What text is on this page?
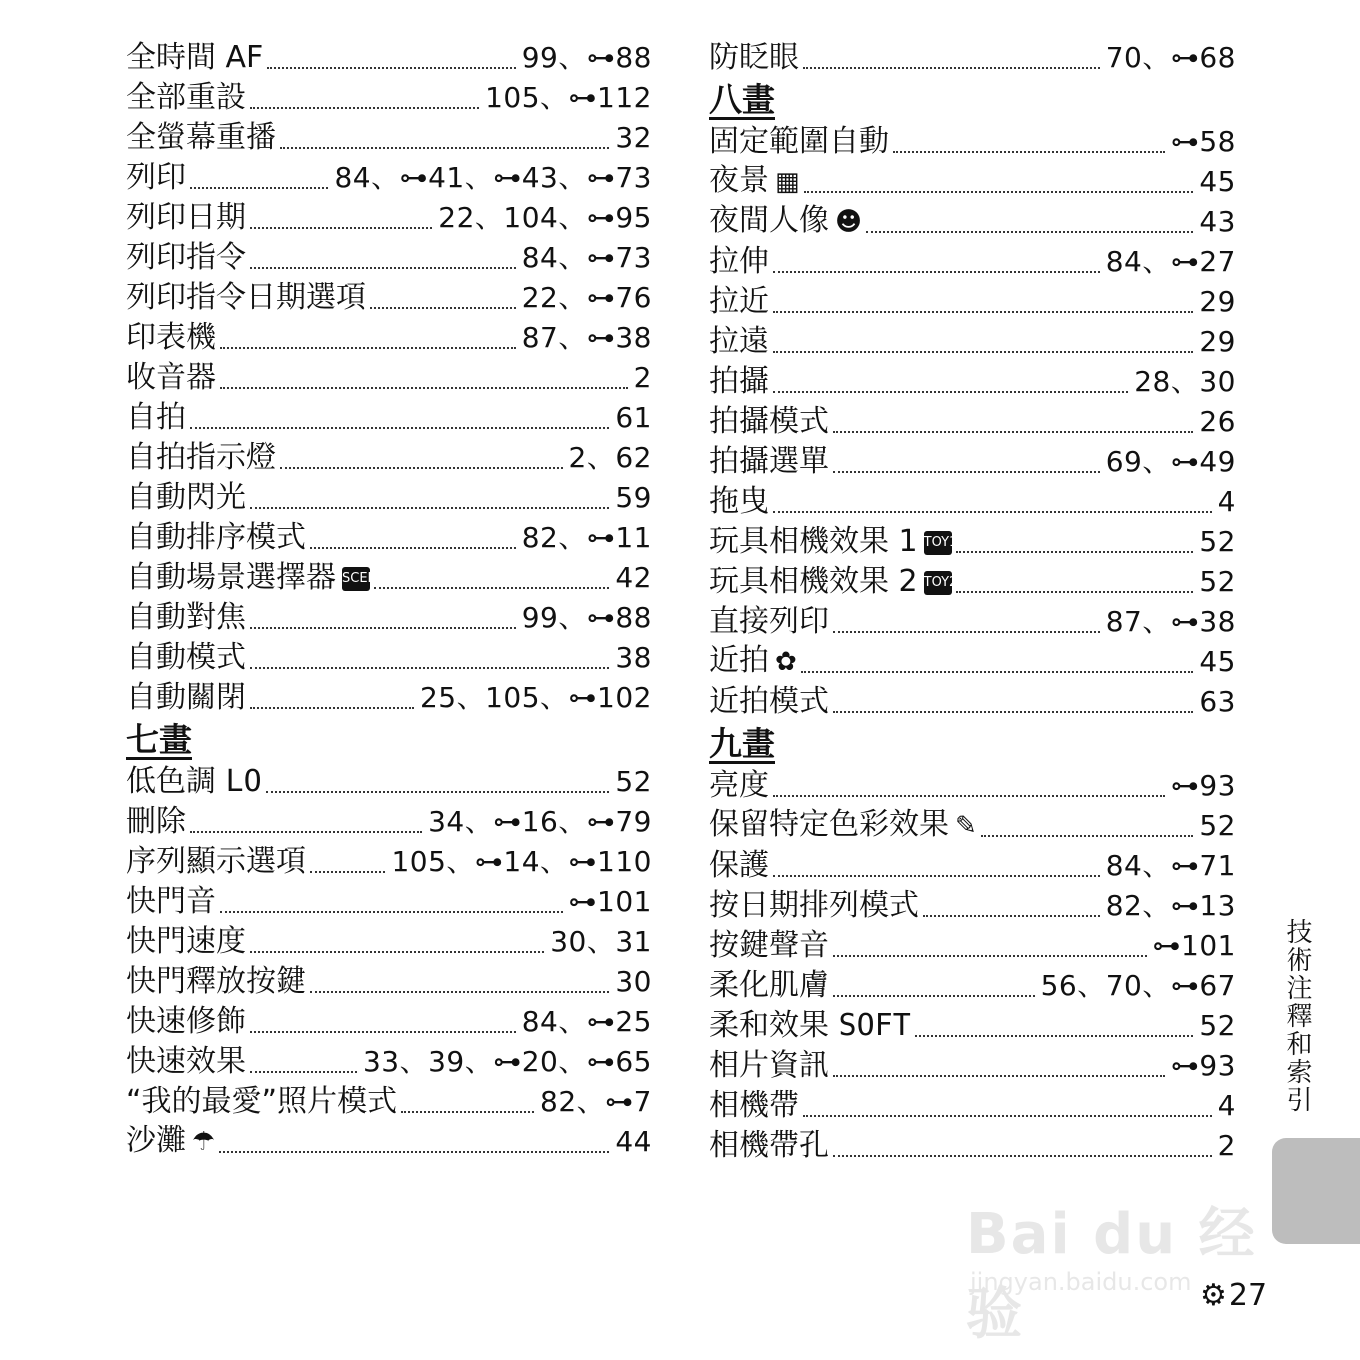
全時間 AF	99、⊶88
全部重設	105、⊶112
全螢幕重播	32
列印	84、⊶41、⊶43、⊶73
列印日期	22、104、⊶95
列印指令	84、⊶73
列印指令日期選項	22、⊶76
印表機	87、⊶38
收音器	2
自拍	61
自拍指示燈	2、62
自動閃光	59
自動排序模式	82、⊶11
自動場景選擇器 SCENE	42
自動對焦	99、⊶88
自動模式	38
自動關閉	25、105、⊶102
七畫
低色調 LO	52
刪除	34、⊶16、⊶79
序列顯示選項	105、⊶14、⊶110
快門音	⊶101
快門速度	30、31
快門釋放按鍵	30
快速修飾	84、⊶25
快速效果	33、39、⊶20、⊶65
“我的最愛”照片模式	82、⊶7
沙灘 ☂	44
防眨眼	70、⊶68
八畫
固定範圍自動	⊶58
夜景 ▦	45
夜間人像 ☻	43
拉伸	84、⊶27
拉近	29
拉遠	29
拍攝	28、30
拍攝模式	26
拍攝選單	69、⊶49
拖曳	4
玩具相機效果 1 TOY1	52
玩具相機效果 2 TOY2	52
直接列印	87、⊶38
近拍 ✿	45
近拍模式	63
九畫
亮度	⊶93
保留特定色彩效果 ✎	52
保護	84、⊶71
按日期排列模式	82、⊶13
按鍵聲音	⊶101
柔化肌膚	56、70、⊶67
柔和效果 SOFT	52
相片資訊	⊶93
相機帶	4
相機帶孔	2
技術注釋和索引
Bai du 经验
jingyan.baidu.com ⚙27
